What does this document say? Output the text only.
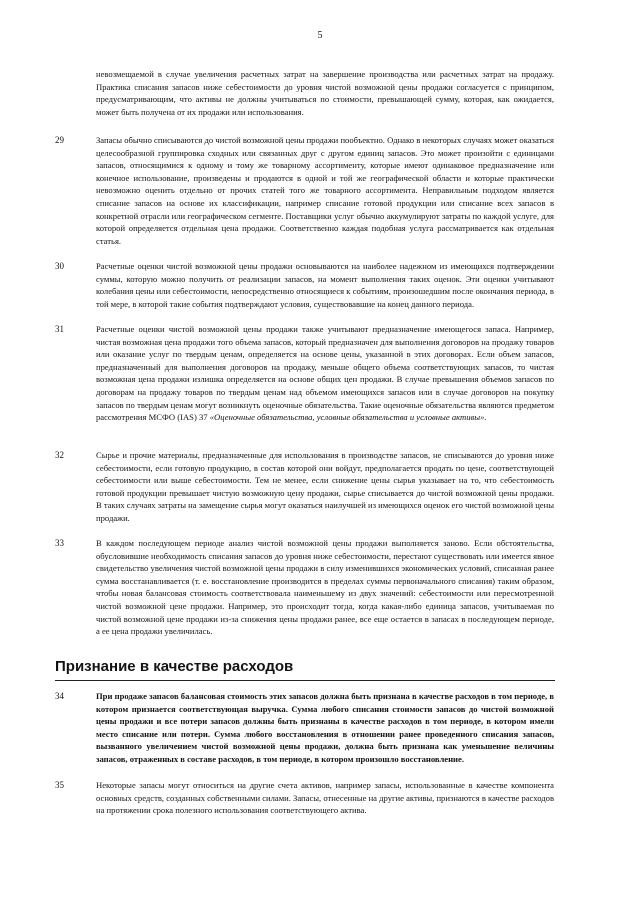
5
невозмещаемой в случае увеличения расчетных затрат на завершение производства или расчетных затрат на продажу. Практика списания запасов ниже себестоимости до уровня чистой возможной цены продажи согласуется с принципом, предусматривающим, что активы не должны учитываться по стоимости, превышающей сумму, которая, как ожидается, может быть получена от их продажи или использования.
29	Запасы обычно списываются до чистой возможной цены продажи пообъектно. Однако в некоторых случаях может оказаться целесообразной группировка сходных или связанных друг с другом единиц запасов. Это может произойти с единицами запасов, относящимися к одному и тому же товарному ассортименту, которые имеют одинаковое предназначение или конечное использование, произведены и продаются в одной и той же географической области и которые практически невозможно оценить отдельно от прочих статей того же товарного ассортимента. Неправильным подходом является списание запасов на основе их классификации, например списание готовой продукции или списание всех запасов в конкретной отрасли или географическом сегменте. Поставщики услуг обычно аккумулируют затраты по каждой услуге, для которой определяется отдельная цена продажи. Соответственно каждая подобная услуга рассматривается как отдельная статья.
30	Расчетные оценки чистой возможной цены продажи основываются на наиболее надежном из имеющихся подтверждении суммы, которую можно получить от реализации запасов, на момент выполнения таких оценок. Эти оценки учитывают колебания цены или себестоимости, непосредственно относящиеся к событиям, произошедшим после окончания периода, в той мере, в которой такие события подтверждают условия, существовавшие на конец данного периода.
31	Расчетные оценки чистой возможной цены продажи также учитывают предназначение имеющегося запаса. Например, чистая возможная цена продажи того объема запасов, который предназначен для выполнения договоров на продажу товаров или оказание услуг по твердым ценам, определяется на основе цены, указанной в этих договорах. Если объем запасов, предназначенный для выполнения договоров на продажу, меньше общего объема соответствующих запасов, то чистая возможная цена продажи излишка определяется на основе общих цен продажи. В случае превышения объемов запасов по договорам на продажу товаров по твердым ценам над объемом имеющихся запасов или в случае договоров на покупку запасов по твердым ценам могут возникнуть оценочные обязательства. Такие оценочные обязательства являются предметом рассмотрения МСФО (IAS) 37 «Оценочные обязательства, условные обязательства и условные активы».
32	Сырье и прочие материалы, предназначенные для использования в производстве запасов, не списываются до уровня ниже себестоимости, если готовую продукцию, в состав которой они войдут, предполагается продать по цене, соответствующей себестоимости или выше себестоимости. Тем не менее, если снижение цены сырья указывает на то, что себестоимость готовой продукции превышает чистую возможную цену продажи, сырье списывается до чистой возможной цены продажи. В таких случаях затраты на замещение сырья могут оказаться наилучшей из имеющихся оценок его чистой возможной цены продажи.
33	В каждом последующем периоде анализ чистой возможной цены продажи выполняется заново. Если обстоятельства, обусловившие необходимость списания запасов до уровня ниже себестоимости, перестают существовать или имеется явное свидетельство увеличения чистой возможной цены продажи в силу изменившихся экономических условий, списанная ранее сумма восстанавливается (т. е. восстановление производится в пределах суммы первоначального списания) таким образом, чтобы новая балансовая стоимость соответствовала наименьшему из двух значений: себестоимости или пересмотренной чистой возможной цене продажи. Например, это происходит тогда, когда какая-либо единица запасов, учитываемая по чистой возможной цене продажи из-за снижения цены продажи ранее, все еще остается в запасах в последующем периоде, а ее цена продажи увеличилась.
Признание в качестве расходов
34	При продаже запасов балансовая стоимость этих запасов должна быть признана в качестве расходов в том периоде, в котором признается соответствующая выручка. Сумма любого списания стоимости запасов до чистой возможной цены продажи и все потери запасов должны быть признаны в качестве расходов в том периоде, в котором имели место списание или потери. Сумма любого восстановления в отношении ранее проведенного списания запасов, вызванного увеличением чистой возможной цены продажи, должна быть признана как уменьшение величины запасов, отраженных в составе расходов, в том периоде, в котором произошло восстановление.
35	Некоторые запасы могут относиться на другие счета активов, например запасы, использованные в качестве компонента основных средств, созданных собственными силами. Запасы, отнесенные на другие активы, признаются в качестве расходов на протяжении срока полезного использования соответствующего актива.
